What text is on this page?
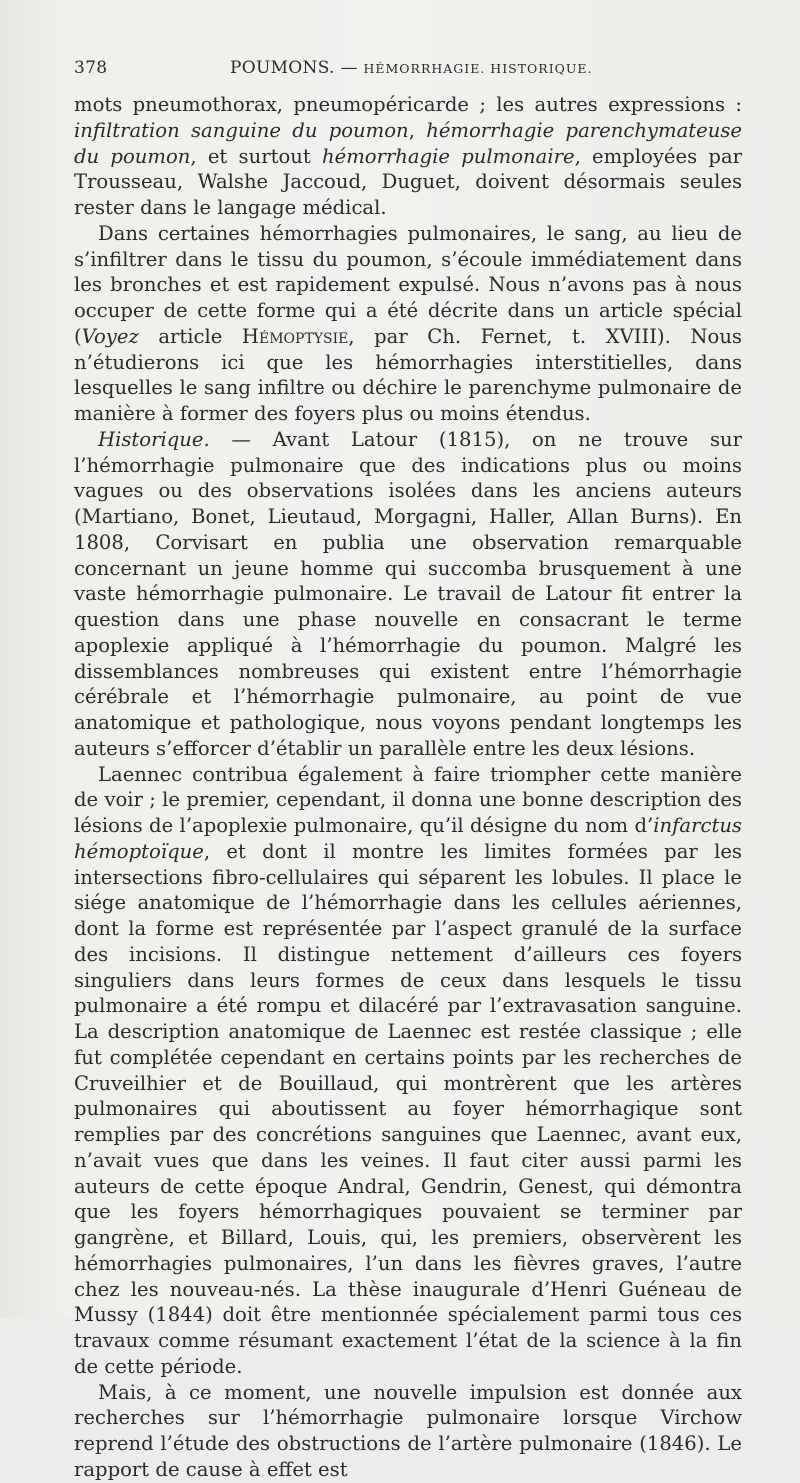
378	POUMONS. — HÉMORRHAGIE. HISTORIQUE.

mots pneumothorax, pneumopéricarde ; les autres expressions : infiltration sanguine du poumon, hémorrhagie parenchymateuse du poumon, et surtout hémorrhagie pulmonaire, employées par Trousseau, Walshe Jaccoud, Duguet, doivent désormais seules rester dans le langage médical.

Dans certaines hémorrhagies pulmonaires, le sang, au lieu de s’infiltrer dans le tissu du poumon, s’écoule immédiatement dans les bronches et est rapidement expulsé. Nous n’avons pas à nous occuper de cette forme qui a été décrite dans un article spécial (Voyez article Hémoptysie, par Ch. Fernet, t. XVIII). Nous n’étudierons ici que les hémorrhagies interstitielles, dans lesquelles le sang infiltre ou déchire le parenchyme pulmonaire de manière à former des foyers plus ou moins étendus.

Historique. — Avant Latour (1815), on ne trouve sur l’hémorrhagie pulmonaire que des indications plus ou moins vagues ou des observations isolées dans les anciens auteurs (Martiano, Bonet, Lieutaud, Morgagni, Haller, Allan Burns). En 1808, Corvisart en publia une observation remarquable concernant un jeune homme qui succomba brusquement à une vaste hémorrhagie pulmonaire. Le travail de Latour fit entrer la question dans une phase nouvelle en consacrant le terme apoplexie appliqué à l’hémorrhagie du poumon. Malgré les dissemblances nombreuses qui existent entre l’hémorrhagie cérébrale et l’hémorrhagie pulmonaire, au point de vue anatomique et pathologique, nous voyons pendant longtemps les auteurs s’efforcer d’établir un parallèle entre les deux lésions.

Laennec contribua également à faire triompher cette manière de voir ; le premier, cependant, il donna une bonne description des lésions de l’apoplexie pulmonaire, qu’il désigne du nom d’infarctus hémoptoïque, et dont il montre les limites formées par les intersections fibro-cellulaires qui séparent les lobules. Il place le siége anatomique de l’hémorrhagie dans les cellules aériennes, dont la forme est représentée par l’aspect granulé de la surface des incisions. Il distingue nettement d’ailleurs ces foyers singuliers dans leurs formes de ceux dans lesquels le tissu pulmonaire a été rompu et dilacéré par l’extravasation sanguine. La description anatomique de Laennec est restée classique ; elle fut complétée cependant en certains points par les recherches de Cruveilhier et de Bouillaud, qui montrèrent que les artères pulmonaires qui aboutissent au foyer hémorrhagique sont remplies par des concrétions sanguines que Laennec, avant eux, n’avait vues que dans les veines. Il faut citer aussi parmi les auteurs de cette époque Andral, Gendrin, Genest, qui démontra que les foyers hémorrhagiques pouvaient se terminer par gangrène, et Billard, Louis, qui, les premiers, observèrent les hémorrhagies pulmonaires, l’un dans les fièvres graves, l’autre chez les nouveau-nés. La thèse inaugurale d’Henri Guéneau de Mussy (1844) doit être mentionnée spécialement parmi tous ces travaux comme résumant exactement l’état de la science à la fin de cette période.

Mais, à ce moment, une nouvelle impulsion est donnée aux recherches sur l’hémorrhagie pulmonaire lorsque Virchow reprend l’étude des obstructions de l’artère pulmonaire (1846). Le rapport de cause à effet est
